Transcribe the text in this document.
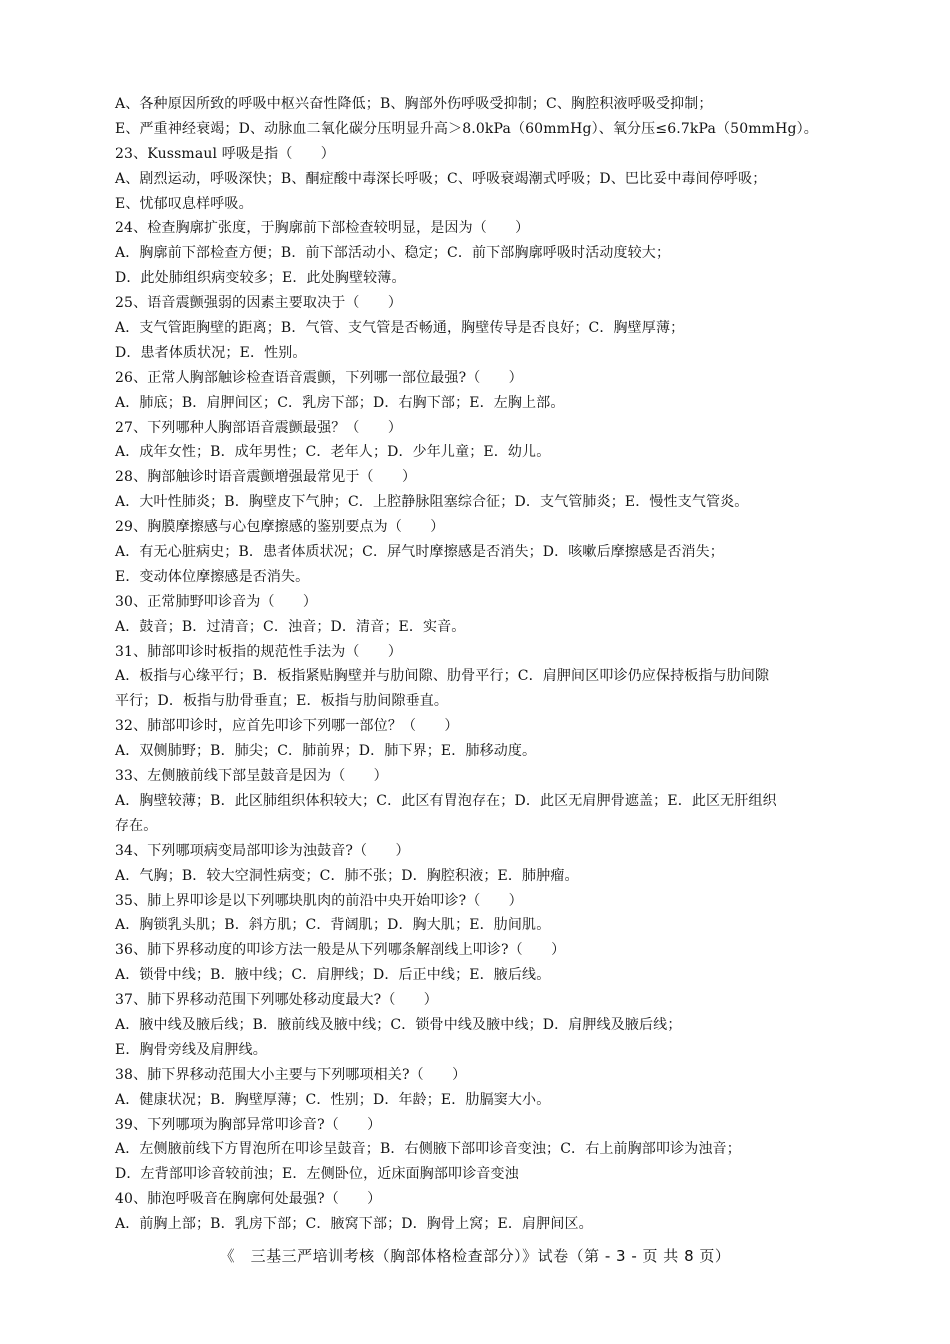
A、各种原因所致的呼吸中枢兴奋性降低；B、胸部外伤呼吸受抑制；C、胸腔积液呼吸受抑制；
E、严重神经衰竭；D、动脉血二氧化碳分压明显升高＞8.0kPa（60mmHg）、氧分压≤6.7kPa（50mmHg）。
23、Kussmaul 呼吸是指（　　）
A、剧烈运动，呼吸深快；B、酮症酸中毒深长呼吸；C、呼吸衰竭潮式呼吸；D、巴比妥中毒间停呼吸；
E、忧郁叹息样呼吸。
24、检查胸廓扩张度，于胸廓前下部检查较明显，是因为（　　）
A．胸廓前下部检查方便；B．前下部活动小、稳定；C．前下部胸廓呼吸时活动度较大；
D．此处肺组织病变较多；E．此处胸壁较薄。
25、语音震颤强弱的因素主要取决于（　　）
A．支气管距胸壁的距离；B．气管、支气管是否畅通，胸壁传导是否良好；C．胸壁厚薄；
D．患者体质状况；E．性别。
26、正常人胸部触诊检查语音震颤，下列哪一部位最强?（　　）
A．肺底；B．肩胛间区；C．乳房下部；D．右胸下部；E．左胸上部。
27、下列哪种人胸部语音震颤最强？（　　）
A．成年女性；B．成年男性；C．老年人；D．少年儿童；E．幼儿。
28、胸部触诊时语音震颤增强最常见于（　　）
A．大叶性肺炎；B．胸壁皮下气肿；C．上腔静脉阻塞综合征；D．支气管肺炎；E．慢性支气管炎。
29、胸膜摩擦感与心包摩擦感的鉴别要点为（　　）
A．有无心脏病史；B．患者体质状况；C．屏气时摩擦感是否消失；D．咳嗽后摩擦感是否消失；
E．变动体位摩擦感是否消失。
30、正常肺野叩诊音为（　　）
A．鼓音；B．过清音；C．浊音；D．清音；E．实音。
31、肺部叩诊时板指的规范性手法为（　　）
A．板指与心缘平行；B．板指紧贴胸壁并与肋间隙、肋骨平行；C．肩胛间区叩诊仍应保持板指与肋间隙
平行；D．板指与肋骨垂直；E．板指与肋间隙垂直。
32、肺部叩诊时，应首先叩诊下列哪一部位？（　　）
A．双侧肺野；B．肺尖；C．肺前界；D．肺下界；E．肺移动度。
33、左侧腋前线下部呈鼓音是因为（　　）
A．胸壁较薄；B．此区肺组织体积较大；C．此区有胃泡存在；D．此区无肩胛骨遮盖；E．此区无肝组织
存在。
34、下列哪项病变局部叩诊为浊鼓音?（　　）
A．气胸；B．较大空洞性病变；C．肺不张；D．胸腔积液；E．肺肿瘤。
35、肺上界叩诊是以下列哪块肌肉的前沿中央开始叩诊?（　　）
A．胸锁乳头肌；B．斜方肌；C．背阔肌；D．胸大肌；E．肋间肌。
36、肺下界移动度的叩诊方法一般是从下列哪条解剖线上叩诊?（　　）
A．锁骨中线；B．腋中线；C．肩胛线；D．后正中线；E．腋后线。
37、肺下界移动范围下列哪处移动度最大?（　　）
A．腋中线及腋后线；B．腋前线及腋中线；C．锁骨中线及腋中线；D．肩胛线及腋后线；
E．胸骨旁线及肩胛线。
38、肺下界移动范围大小主要与下列哪项相关?（　　）
A．健康状况；B．胸壁厚薄；C．性别；D．年龄；E．肋膈窦大小。
39、下列哪项为胸部异常叩诊音?（　　）
A．左侧腋前线下方胃泡所在叩诊呈鼓音；B．右侧腋下部叩诊音变浊；C．右上前胸部叩诊为浊音；
D．左背部叩诊音较前浊；E．左侧卧位，近床面胸部叩诊音变浊
40、肺泡呼吸音在胸廓何处最强?（　　）
A．前胸上部；B．乳房下部；C．腋窝下部；D．胸骨上窝；E．肩胛间区。
《　三基三严培训考核（胸部体格检查部分）》试卷（第 - 3 - 页 共 8 页）
